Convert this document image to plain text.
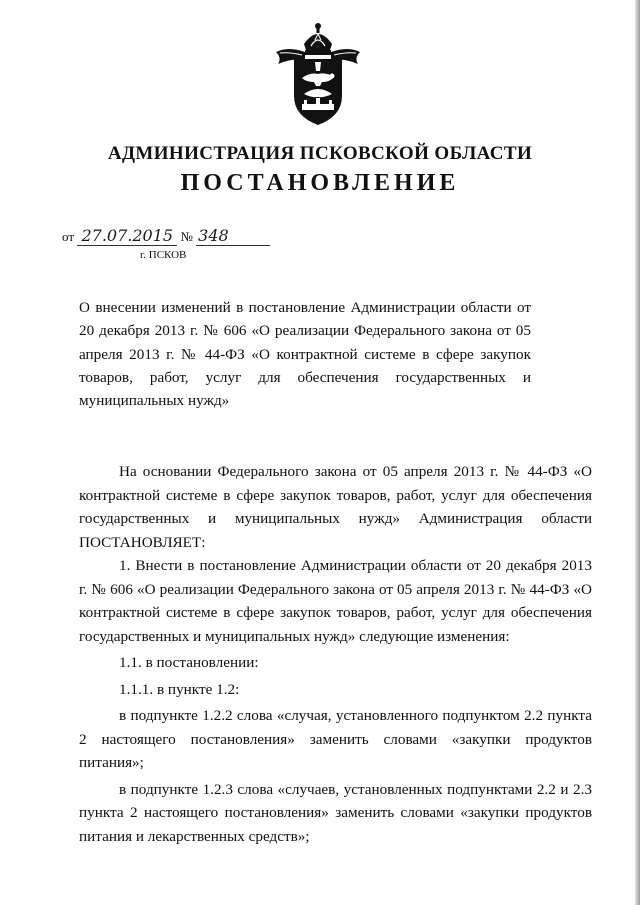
АДМИНИСТРАЦИЯ ПСКОВСКОЙ ОБЛАСТИ
ПОСТАНОВЛЕНИЕ
от 27.07.2015 № 348
г. ПСКОВ
О внесении изменений в постановление Администрации области от 20 декабря 2013 г. № 606 «О реализации Федерального закона от 05 апреля 2013 г. № 44-ФЗ «О контрактной системе в сфере закупок товаров, работ, услуг для обеспечения государственных и муниципальных нужд»

На основании Федерального закона от 05 апреля 2013 г. № 44-ФЗ «О контрактной системе в сфере закупок товаров, работ, услуг для обеспечения государственных и муниципальных нужд» Администрация области ПОСТАНОВЛЯЕТ:

1. Внести в постановление Администрации области от 20 декабря 2013 г. № 606 «О реализации Федерального закона от 05 апреля 2013 г. № 44-ФЗ «О контрактной системе в сфере закупок товаров, работ, услуг для обеспечения государственных и муниципальных нужд» следующие изменения:

1.1. в постановлении:

1.1.1. в пункте 1.2:

в подпункте 1.2.2 слова «случая, установленного подпунктом 2.2 пункта 2 настоящего постановления» заменить словами «закупки продуктов питания»;

в подпункте 1.2.3 слова «случаев, установленных подпунктами 2.2 и 2.3 пункта 2 настоящего постановления» заменить словами «закупки продуктов питания и лекарственных средств»;
